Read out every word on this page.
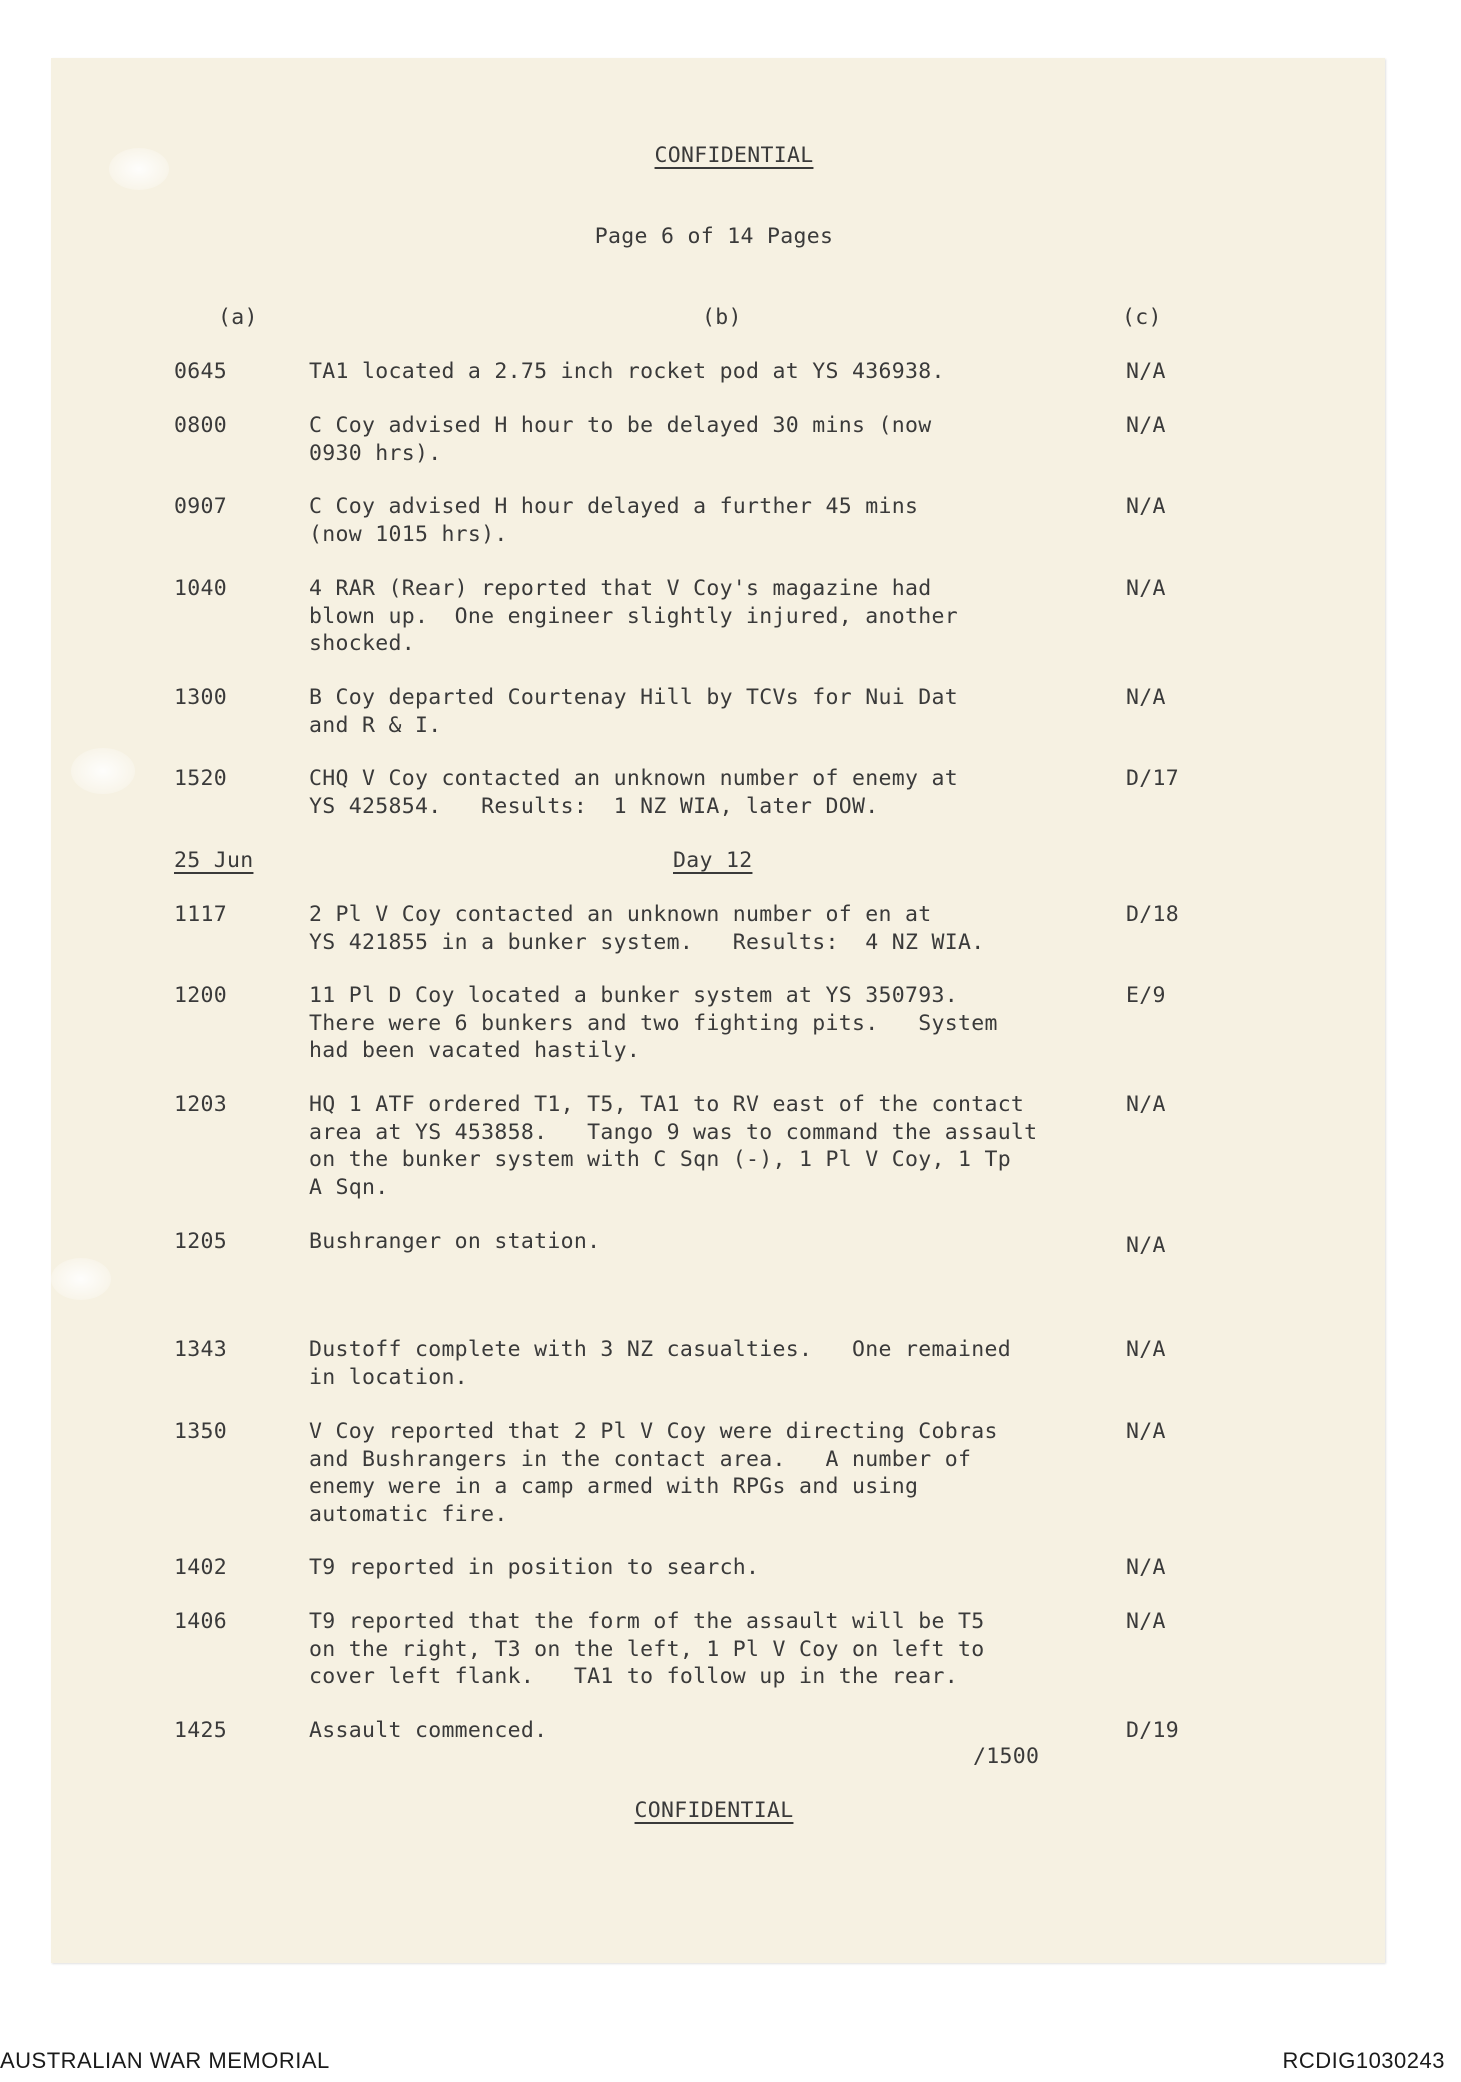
CONFIDENTIAL
Page 6 of 14 Pages
(a)	(b)	(c)
0645	TA1 located a 2.75 inch rocket pod at YS 436938.	N/A
0800	C Coy advised H hour to be delayed 30 mins (now
0930 hrs).
N/A
0907	C Coy advised H hour delayed a further 45 mins
(now 1015 hrs).
N/A
1040	4 RAR (Rear) reported that V Coy's magazine had
blown up.  One engineer slightly injured, another
shocked.
N/A
1300	B Coy departed Courtenay Hill by TCVs for Nui Dat
and R & I.
N/A
1520	CHQ V Coy contacted an unknown number of enemy at
YS 425854.   Results:  1 NZ WIA, later DOW.
D/17
25 Jun	Day 12
1117	2 Pl V Coy contacted an unknown number of en at
YS 421855 in a bunker system.   Results:  4 NZ WIA.
D/18
1200	11 Pl D Coy located a bunker system at YS 350793.
There were 6 bunkers and two fighting pits.   System
had been vacated hastily.
E/9
1203	HQ 1 ATF ordered T1, T5, TA1 to RV east of the contact
area at YS 453858.   Tango 9 was to command the assault
on the bunker system with C Sqn (-), 1 Pl V Coy, 1 Tp
A Sqn.
N/A
1205	Bushranger on station.	N/A
1343	Dustoff complete with 3 NZ casualties.   One remained
in location.
N/A
1350	V Coy reported that 2 Pl V Coy were directing Cobras
and Bushrangers in the contact area.   A number of
enemy were in a camp armed with RPGs and using
automatic fire.
N/A
1402	T9 reported in position to search.	N/A
1406	T9 reported that the form of the assault will be T5
on the right, T3 on the left, 1 Pl V Coy on left to
cover left flank.   TA1 to follow up in the rear.
N/A
1425	Assault commenced.	D/19
/1500
CONFIDENTIAL
AUSTRALIAN WAR MEMORIAL	RCDIG1030243
